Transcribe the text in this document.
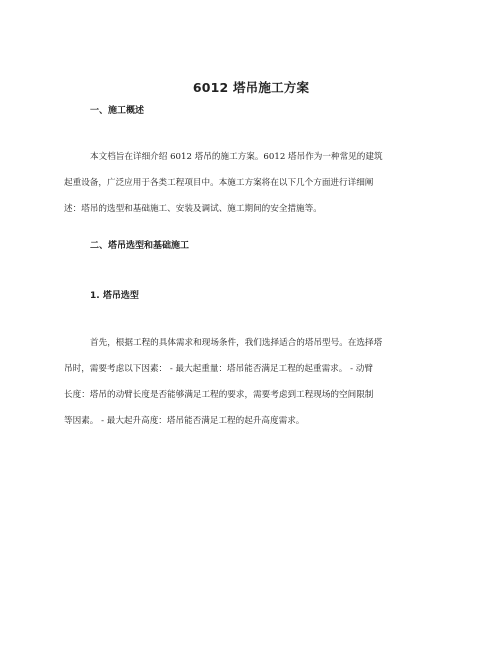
6012 塔吊施工方案
一、施工概述
本文档旨在详细介绍 6012 塔吊的施工方案。6012 塔吊作为一种常见的建筑
起重设备，广泛应用于各类工程项目中。本施工方案将在以下几个方面进行详细阐
述：塔吊的选型和基础施工、安装及调试、施工期间的安全措施等。
二、塔吊选型和基础施工
1. 塔吊选型
首先，根据工程的具体需求和现场条件，我们选择适合的塔吊型号。在选择塔
吊时，需要考虑以下因素： - 最大起重量：塔吊能否满足工程的起重需求。 - 动臂
长度：塔吊的动臂长度是否能够满足工程的要求，需要考虑到工程现场的空间限制
等因素。 - 最大起升高度：塔吊能否满足工程的起升高度需求。
